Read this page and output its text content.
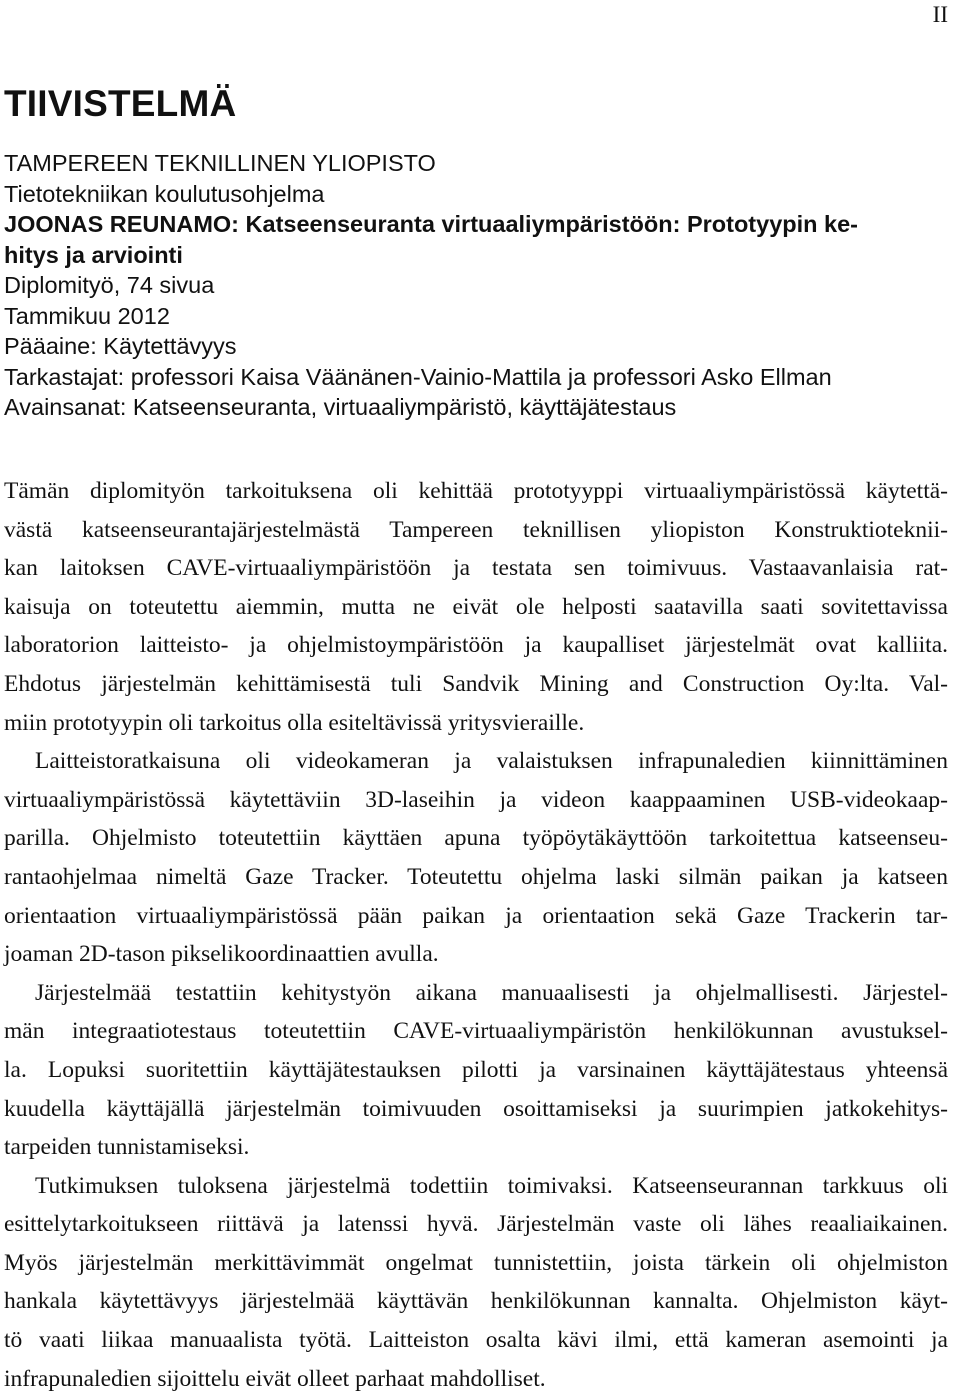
II
TIIVISTELMÄ
TAMPEREEN TEKNILLINEN YLIOPISTO
Tietotekniikan koulutusohjelma
JOONAS REUNAMO: Katseenseuranta virtuaaliympäristöön: Prototyypin ke-
hitys ja arviointi
Diplomityö, 74 sivua
Tammikuu 2012
Pääaine: Käytettävyys
Tarkastajat: professori Kaisa Väänänen-Vainio-Mattila ja professori Asko Ellman
Avainsanat: Katseenseuranta, virtuaaliympäristö, käyttäjätestaus
Tämän diplomityön tarkoituksena oli kehittää prototyyppi virtuaaliympäristössä käytettä-
västä katseenseurantajärjestelmästä Tampereen teknillisen yliopiston Konstruktioteknii-
kan laitoksen CAVE-virtuaaliympäristöön ja testata sen toimivuus. Vastaavanlaisia rat-
kaisuja on toteutettu aiemmin, mutta ne eivät ole helposti saatavilla saati sovitettavissa
laboratorion laitteisto- ja ohjelmistoympäristöön ja kaupalliset järjestelmät ovat kalliita.
Ehdotus järjestelmän kehittämisestä tuli Sandvik Mining and Construction Oy:lta. Val-
miin prototyypin oli tarkoitus olla esiteltävissä yritysvieraille.
Laitteistoratkaisuna oli videokameran ja valaistuksen infrapunaledien kiinnittäminen
virtuaaliympäristössä käytettäviin 3D-laseihin ja videon kaappaaminen USB-videokaap-
parilla. Ohjelmisto toteutettiin käyttäen apuna työpöytäkäyttöön tarkoitettua katseenseu-
rantaohjelmaa nimeltä Gaze Tracker. Toteutettu ohjelma laski silmän paikan ja katseen
orientaation virtuaaliympäristössä pään paikan ja orientaation sekä Gaze Trackerin tar-
joaman 2D-tason pikselikoordinaattien avulla.
Järjestelmää testattiin kehitystyön aikana manuaalisesti ja ohjelmallisesti. Järjestel-
män integraatiotestaus toteutettiin CAVE-virtuaaliympäristön henkilökunnan avustuksel-
la. Lopuksi suoritettiin käyttäjätestauksen pilotti ja varsinainen käyttäjätestaus yhteensä
kuudella käyttäjällä järjestelmän toimivuuden osoittamiseksi ja suurimpien jatkokehitys-
tarpeiden tunnistamiseksi.
Tutkimuksen tuloksena järjestelmä todettiin toimivaksi. Katseenseurannan tarkkuus oli
esittelytarkoitukseen riittävä ja latenssi hyvä. Järjestelmän vaste oli lähes reaaliaikainen.
Myös järjestelmän merkittävimmät ongelmat tunnistettiin, joista tärkein oli ohjelmiston
hankala käytettävyys järjestelmää käyttävän henkilökunnan kannalta. Ohjelmiston käyt-
tö vaati liikaa manuaalista työtä. Laitteiston osalta kävi ilmi, että kameran asemointi ja
infrapunaledien sijoittelu eivät olleet parhaat mahdolliset.
